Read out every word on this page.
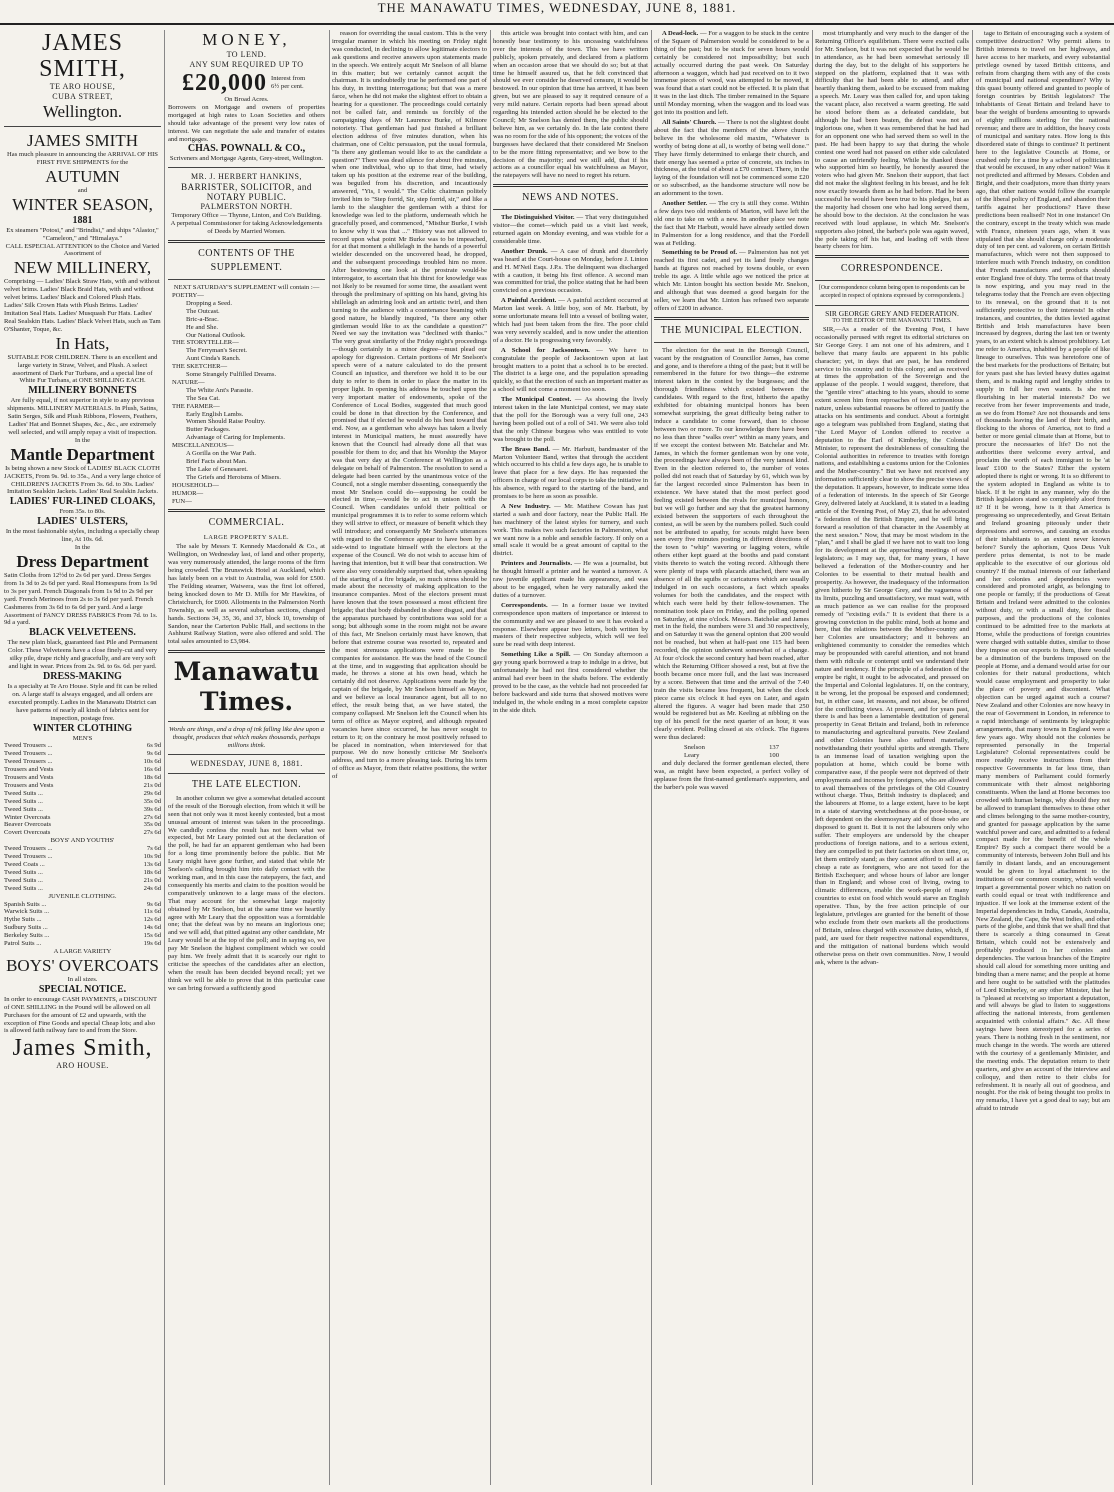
THE MANAWATU TIMES, WEDNESDAY, JUNE 8, 1881.
JAMES SMITH,
TE ARO HOUSE,
CUBA STREET,
Wellington.
JAMES SMITH
Has much pleasure in announcing the ARRIVAL OF HIS FIRST FIVE SHIPMENTS for the
AUTUMN
and
WINTER SEASON,
1881
Ex steamers "Potosi," and "Brindisi," and ships "Alastor," "Cameleon," and "Himalaya."
CALL ESPECIAL ATTENTION to the Choice and Varied Assortment of
NEW MILLINERY,
Comprising — Ladies' Black Straw Hats, with and without velvet brims. Ladies' Black Braid Hats, with and without velvet brims. Ladies' Black and Colored Plush Hats. Ladies' Silk Crown Hats with Plush Brims. Ladies' Imitation Seal Hats. Ladies' Musquash Fur Hats. Ladies' Real Sealskin Hats. Ladies' Black Velvet Hats, such as Tam O'Shanter, Toque, &c.
In Hats,
SUITABLE FOR CHILDREN. There is an excellent and large variety in Straw, Velvet, and Plush. A select assortment of Dark Fur Turbans, and a special line of White Fur Turbans, at ONE SHILLING EACH.
MILLINERY BONNETS
Are fully equal, if not superior in style to any previous shipments. MILLINERY MATERIALS. In Plush, Satins, Satin Serges, Silk and Plush Ribbons, Flowers, Feathers, Ladies' Hat and Bonnet Shapes, &c., &c., are extremely well selected, and will amply repay a visit of inspection.
In the
Mantle Department
Is being shown a new Stock of LADIES' BLACK CLOTH JACKETS, From 9s. 9d. to 35s., And a very large choice of CHILDREN'S JACKETS From 3s. 6d. to 30s. Ladies' Imitation Sealskin Jackets. Ladies' Real Sealskin Jackets.
LADIES' FUR-LINED CLOAKS,
From 35s. to 80s.
LADIES' ULSTERS,
In the most fashionable styles, including a specially cheap line, At 10s. 6d.
In the
Dress Department
Satin Cloths from 12½d to 2s 6d per yard. Dress Serges from 1s 3d to 2s 6d per yard. Real Homespuns from 1s 9d to 3s per yard. French Diagonals from 1s 9d to 2s 9d per yard. French Merinoes from 2s to 3s 6d per yard. French Cashmeres from 3s 6d to 6s 6d per yard. And a large Assortment of FANCY DRESS FABRICS From 7d. to 1s. 9d a yard.
BLACK VELVETEENS.
The new plain black, guaranteed fast Pile and Permanent Color. These Velveteens have a close finely-cut and very silky pile, drape richly and gracefully, and are very soft and light in wear. Prices from 2s. 9d. to 6s. 6d. per yard.
DRESS-MAKING
Is a specialty at Te Aro House. Style and fit can be relied on. A large staff is always engaged, and all orders are executed promptly. Ladies in the Manawatu District can have patterns of nearly all kinds of fabrics sent for inspection, postage free.
WINTER CLOTHING
MEN'S
Tweed Trousers ...	6s 9d
Tweed Trousers ...	9s 6d
Tweed Trousers ...	10s 6d
Trousers and Vests	16s 6d
Trousers and Vests	18s 6d
Trousers and Vests	21s 0d
Tweed Suits ...	29s 6d
Tweed Suits ...	35s 0d
Tweed Suits ...	39s 6d
Winter Overcoats	27s 6d
Beaver Overcoats	35s 0d
Covert Overcoats	27s 6d
BOYS' AND YOUTHS'
Tweed Trousers ...	7s 6d
Tweed Trousers ...	10s 9d
Tweed Coats ...	13s 6d
Tweed Suits ...	18s 6d
Tweed Suits ...	21s 0d
Tweed Suits ...	24s 6d
JUVENILE CLOTHING.
Spanish Suits ...	9s 6d
Warwick Suits ...	11s 6d
Hythe Suits ...	12s 6d
Sudbury Suits ...	14s 6d
Berkeley Suits ...	15s 6d
Patrol Suits ...	19s 6d
A LARGE VARIETY
BOYS' OVERCOATS
In all sizes.
SPECIAL NOTICE.
In order to encourage CASH PAYMENTS, a DISCOUNT of ONE SHILLING in the Pound will be allowed on all Purchases for the amount of £2 and upwards, with the exception of Fine Goods and special Cheap lots; and also is allowed faith railway fare to and from the Store.
James Smith,
ARO HOUSE.
MONEY,
TO LEND.
ANY SUM REQUIRED UP TO
£20,000 Interest from 6½ per cent.
On Broad Acres.
Borrowers on Mortgage and owners of properties mortgaged at high rates to Loan Societies and others should take advantage of the present very low rates of interest. We can negotiate the sale and transfer of estates and mortgages.
CHAS. POWNALL & CO.,
Scriveners and Mortgage Agents, Grey-street, Wellington.
MR. J. HERBERT HANKINS,
BARRISTER, SOLICITOR, and NOTARY PUBLIC.
PALMERSTON NORTH.
Temporary Office — Thynne, Linton, and Co's Building.
A perpetual Commissioner for taking Acknowledgements of Deeds by Married Women.
CONTENTS OF THE SUPPLEMENT.
NEXT SATURDAY'S SUPPLEMENT will contain :—
POETRY—
Dropping a Seed.
The Outcast.
Bric-a-Brac.
He and She.
Our National Outlook.
THE STORYTELLER—
The Ferryman's Secret.
Aunt Cinda's Ranch.
THE SKETCHER—
Some Strangely Fulfilled Dreams.
NATURE—
The White Ant's Parasite.
The Sea Cat.
THE FARMER—
Early English Lambs.
Women Should Raise Poultry.
Butter Packages.
Advantage of Caring for Implements.
MISCELLANEOUS—
A Gorilla on the War Path.
Brief Facts about Man.
The Lake of Genesaret.
The Griefs and Heroisms of Misers.
HOUSEHOLD—
HUMOR—
FUN—
COMMERCIAL.
LARGE PROPERTY SALE.
The sale by Messrs T. Kennedy Macdonald & Co., at Wellington, on Wednesday last, of land and other property, was very numerously attended, the large rooms of the firm being crowded. The Brunswick Hotel at Auckland, which has lately been on a visit to Australia, was sold for £500. The Feilding steamer, Waiwera, was the first lot offered, being knocked down to Mr D. Mills for Mr Hawkins, of Christchurch, for £600. Allotments in the Palmerston North Township, as well as several suburban sections, changed hands. Sections 34, 35, 36, and 37, block 10, township of Sandon, near the Carterton Public Hall, and sections in the Ashhurst Railway Station, were also offered and sold. The total sales amounted to £3,984.
Manawatu Times.
Words are things, and a drop of ink falling like dew upon a thought, produces that which makes thousands, perhaps millions think.
WEDNESDAY, JUNE 8, 1881.
THE LATE ELECTION.
In another column we give a somewhat detailed account of the result of the Borough election, from which it will be seen that not only was it most keenly contested, but a most unusual amount of interest was taken in the proceedings. We candidly confess the result has not been what we expected, but Mr Leary pointed out at the declaration of the poll, he had far an apparent gentleman who had been for a long time prominently before the public. But Mr Leary might have gone further, and stated that while Mr Snelson's calling brought him into daily contact with the working man, and in this case the ratepayers, the fact, and consequently his merits and claim to the position would be comparatively unknown to a large mass of the electors. That may account for the somewhat large majority obtained by Mr Snelson, but at the same time we heartily agree with Mr Leary that the opposition was a formidable one; that the defeat was by no means an inglorious one; and we will add, that pitted against any other candidate, Mr Leary would be at the top of the poll; and in saying so, we pay Mr Snelson the highest compliment which we could pay him. We freely admit that it is scarcely our right to criticise the speeches of the candidates after an election, when the result has been decided beyond recall; yet we think we will be able to prove that in this particular case we can bring forward a sufficiently good
reason for overriding the usual custom. This is the very irregular manner in which his meeting on Friday night was conducted, in declining to allow legitimate electors to ask questions and receive answers upon statements made in the speech. We entirely acquit Mr Snelson of all blame in this matter; but we certainly cannot acquit the chairman. It is undoubtedly true he performed one part of his duty, in inviting interrogations; but that was a mere farce, when he did not make the slightest effort to obtain a hearing for a questioner. The proceedings could certainly not be called fair, and reminds us forcibly of the campaigning days of Mr Laurence Burke, of Kilmore notoriety. That gentleman had just finished a brilliant election address of five minutes duration, when his chairman, one of Celtic persuasion, put the usual formula, "Is there any gintleman would like to ax the candidate a question?" There was dead silence for about five minutes, when one individual, who up to that time, had wisely taken up his position at the extreme rear of the building, was beguiled from his discretion, and incautiously answered, "Yis, I would." The Celtic chairman politely invited him to "Step forrid, Sir, step forrid, sir," and like a lamb to the slaughter the gentleman with a thirst for knowledge was led to the platform, underneath which he gracefully posed, and commenced, "Misthur Burke, I wish to know why it was that ..." History was not allowed to record upon what point Mr Burke was to be impeached, for at that moment a shillelagh in the hands of a powerful wielder descended on the uncovered head, he dropped, and the subsequent proceedings troubled him no more. After bestowing one look at the prostrate would-be interrogator, to ascertain that his thirst for knowledge was not likely to be resumed for some time, the assailant went through the preliminary of spitting on his hand, giving his shillelagh an admiring look and an artistic twirl, and then turning to the audience with a countenance beaming with good nature, he blandly inquired, "Is there any other gintleman would like to ax the candidate a question?" Need we say the invitation was "declined with thanks." The very great similarity of the Friday night's proceedings—though certainly in a minor degree—must plead our apology for digression. Certain portions of Mr Snelson's speech were of a nature calculated to do the present Council an injustice, and therefore we hold it to be our duty to refer to them in order to place the matter in its proper light. In opening his address he touched upon the very important matter of endowments, spoke of the Conference of Local Bodies, suggested that much good could be done in that direction by the Conference, and promised that if elected he would do his best toward that end. Now, as a gentleman who always has taken a lively interest in Municipal matters, he must assuredly have known that the Council had already done all that was possible for them to do; and that his Worship the Mayor was that very day at the Conference at Wellington as a delegate on behalf of Palmerston. The resolution to send a delegate had been carried by the unanimous voice of the Council, not a single member dissenting, consequently the most Mr Snelson could do—supposing he could be elected in time,—would be to act in unison with the Council. When candidates unfold their political or municipal programmes it is to refer to some reform which they will strive to effect, or measure of benefit which they will introduce; and consequently Mr Snelson's utterances with regard to the Conference appear to have been by a side-wind to ingratiate himself with the electors at the expense of the Council. We do not wish to accuse him of having that intention, but it will bear that construction. We were also very considerably surprised that, when speaking of the starting of a fire brigade, so much stress should be made about the necessity of making application to the insurance companies. Most of the electors present must have known that the town possessed a most efficient fire brigade; that that body disbanded in sheer disgust, and that the apparatus purchased by contributions was sold for a song; but although some in the room might not be aware of this fact, Mr Snelson certainly must have known, that before that extreme course was resorted to, repeated and the most strenuous applications were made to the companies for assistance. He was the head of the Council at the time, and in suggesting that application should be made, he throws a stone at his own head, which he certainly did not deserve. Applications were made by the captain of the brigade, by Mr Snelson himself as Mayor, and we believe as local insurance agent, but all to no effect, the result being that, as we have stated, the company collapsed. Mr Snelson left the Council when his term of office as Mayor expired, and although repeated vacancies have since occurred, he has never sought to return to it; on the contrary he most positively refused to be placed in nomination, when interviewed for that purpose. We do now honestly criticise Mr Snelson's address, and turn to a more pleasing task. During his term of office as Mayor, from their relative positions, the writer of
this article was brought into contact with him, and can honestly bear testimony to his unceasing watchfulness over the interests of the town. This we have written publicly, spoken privately, and declared from a platform when an occasion arose that we should do so; but at that time he himself assured us, that he felt convinced that should we ever consider he deserved censure, it would be bestowed. In our opinion that time has arrived, it has been given, but we are pleased to say it required censure of a very mild nature. Certain reports had been spread about regarding his intended action should he be elected to the Council; Mr Snelson has denied them, the public should believe him, as we certainly do. In the late contest there was no room for the side of his opponent; the voices of the burgesses have declared that their considered Mr Snelson to be the more fitting representative; and we bow to the decision of the majority; and we still add, that if his actions as a councillor equal his watchfulness as Mayor, the ratepayers will have no need to regret his return.
NEWS AND NOTES.
The Distinguished Visitor. — That very distinguished visitor—the comet—which paid us a visit last week, returned again on Monday evening, and was visible for a considerable time.
Another Drunk. — A case of drunk and disorderly was heard at the Court-house on Monday, before J. Linton and H. M'Neil Esqs. J.P.s. The delinquent was discharged with a caution, it being his first offence. A second man was committed for trial, the police stating that he had been convicted on a previous occasion.
A Painful Accident. — A painful accident occurred at Marton last week. A little boy, son of Mr. Harbutt, by some unfortunate means fell into a vessel of boiling water, which had just been taken from the fire. The poor child was very severely scalded, and is now under the attention of a doctor. He is progressing very favorably.
A School for Jacksontown. — We have to congratulate the people of Jacksontown upon at last brought matters to a point that a school is to be erected. The district is a large one, and the population spreading quickly, so that the erection of such an important matter as a school will not come a moment too soon.
The Municipal Contest. — As showing the lively interest taken in the late Municipal contest, we may state that the poll for the Borough was a very full one, 243 having been polled out of a roll of 341. We were also told that the only Chinese burgess who was entitled to vote was brought to the poll.
The Brass Band. — Mr. Harbutt, bandmaster of the Marton Volunteer Band, writes that through the accident which occurred to his child a few days ago, he is unable to leave that place for a few days. He has requested the officers in charge of our local corps to take the initiative in his absence, with regard to the starting of the band, and promises to be here as soon as possible.
A New Industry. — Mr. Matthew Cowan has just started a sash and door factory, near the Public Hall. He has machinery of the latest styles for turnery, and such work. This makes two such factories in Palmerston, what we want now is a noble and sensible factory. If only on a small scale it would be a great amount of capital to the district.
Printers and Journalists. — He was a journalist, but he thought himself a printer and he wanted a turnover. A raw juvenile applicant made his appearance, and was about to be engaged, when he very naturally asked the duties of a turnover.
Correspondents. — In a former issue we invited correspondence upon matters of importance or interest to the community and we are pleased to see it has evoked a response. Elsewhere appear two letters, both written by masters of their respective subjects, which will we feel sure be read with deep interest.
Something Like a Spill. — On Sunday afternoon a gay young spark borrowed a trap to indulge in a drive, but unfortunately he had not first considered whether the animal had ever been in the shafts before. The evidently proved to be the case, as the vehicle had not proceeded far before backward and side turns that showed motives were indulged in, the whole ending in a most complete capsize in the side ditch.
A Dead-lock. — For a waggon to be stuck in the centre of the Square of Palmerston would be considered to be a thing of the past; but to be stuck for seven hours would certainly be considered not impossibility; but such actually occurred during the past week. On Saturday afternoon a waggon, which had just received on to it two immense pieces of wood, was attempted to be moved, it was found that a start could not be effected. It is plain that it was in the last ditch. The timber remained in the Square until Monday morning, when the waggon and its load was got into its position and left.
All Saints' Church. — There is not the slightest doubt about the fact that the members of the above church believe in the wholesome old maxim, "Whatever is worthy of being done at all, is worthy of being well done." They have firmly determined to enlarge their church, and their energy has seemed a prize of concrete, six inches in thickness, at the total of about a £70 contract. There, in the laying of the foundation will not be commenced some £20 or so subscribed, as the handsome structure will now be an adornment to the town.
Another Settler. — The cry is still they come. Within a few days two old residents of Marton, will have left the old one to take on with a new. In another place we note the fact that Mr Harbutt, would have already settled down in Palmerston for a long residence, and that the Fordell was at Feilding.
Something to be Proud of. — Palmerston has not yet reached its first cadet, and yet its land freely changes hands at figures not reached by towns double, or even treble its age. A little while ago we noticed the price at which Mr. Linton bought his section beside Mr. Snelson, and although that was deemed a good bargain for the seller, we learn that Mr. Linton has refused two separate offers of £200 in advance.
THE MUNICIPAL ELECTION.
The election for the seat in the Borough Council, vacant by the resignation of Councillor James, has come and gone, and is therefore a thing of the past; but it will be remembered in the future for two things—the extreme interest taken in the contest by the burgesses; and the thorough friendliness which existed between the candidates. With regard to the first, hitherto the apathy exhibited for obtaining municipal honors has been somewhat surprising, the great difficulty being rather to induce a candidate to come forward, than to choose between two or more. To our knowledge there have been no less than three "walks over" within as many years, and if we except the contest between Mr. Batchelar and Mr. James, in which the former gentleman won by one vote, the proceedings have always been of the very tamest kind. Even in the election referred to, the number of votes polled did not reach that of Saturday by 61, which was by far the largest recorded since Palmerston has been in existence. We have stated that the most perfect good feeling existed between the rivals for municipal honors, but we will go further and say that the greatest harmony existed between the supporters of each throughout the contest, as will be seen by the numbers polled. Such could not be attributed to apathy, for scouts might have been seen every five minutes posting in different directions of the town to "whip" wavering or lagging voters, while others either kept guard at the booths and paid constant visits thereto to watch the voting record. Although there were plenty of traps with placards attached, there was an absence of all the squibs or caricatures which are usually indulged in on such occasions, a fact which speaks volumes for both the candidates, and the respect with which each were held by their fellow-townsmen. The nomination took place on Friday, and the polling opened on Saturday, at nine o'clock. Messrs. Batchelar and James met in the field, the numbers were 31 and 30 respectively, and on Saturday it was the general opinion that 200 would not be reached, but when at half-past one 115 had been recorded, the opinion underwent somewhat of a change. At four o'clock the second century had been reached, after which the Returning Officer showed a rest, but at five the booth became once more full, and the last was increased by a score. Between that time and the arrival of the 7.40 train the visits became less frequent, but when the clock piece came six o'clock it had eyes on Later, and again altered the figures. A wager had been made that 250 would be registered but as Mr. Keeling at nibbling on the top of his pencil for the next quarter of an hour, it was clearly evident. Polling closed at six o'clock. The figures were thus declared:
Snelson	137
Leary	100
and duly declared the former gentleman elected, there was, as might have been expected, a perfect volley of applause from the first-named gentleman's supporters, and the barber's pole was waved
most triumphantly and very much to the danger of the Returning Officer's equilibrium. There were excited calls for Mr. Snelson, but it was not expected that he would be in attendance, as he had been somewhat seriously ill during the day, but to the delight of his supporters he stepped on the platform, explained that it was with difficulty that he had been able to attend, and after heartily thanking them, asked to be excused from making a speech. Mr. Leary was then called for, and upon taking the vacant place, also received a warm greeting. He said he stood before them as a defeated candidate, but although he had been beaten, the defeat was not an inglorious one, when it was remembered that he had had for an opponent one who had served them so well in the past. He had been happy to say that during the whole contest one word had not passed on either side calculated to cause an unfriendly feeling. While he thanked those who supported him so heartily, he honestly assured the voters who had given Mr. Snelson their support, that fact did not make the slightest feeling in his breast, and he felt now exactly towards them as he had before. Had he been successful he would have been true to his pledges, but as the majority had chosen one who had long served them, he should bow to the decision. At the conclusion he was received with loud applause, in which Mr. Snelson's supporters also joined, the barber's pole was again waved, the pole taking off his hat, and leading off with three hearty cheers for him.
CORRESPONDENCE.
[Our correspondence column being open to respondents can be accepted in respect of opinions expressed by correspondents.]
SIR GEORGE GREY AND FEDERATION.
TO THE EDITOR OF THE MANAWATU TIMES.
SIR,—As a reader of the Evening Post, I have occasionally perused with regret its editorial strictures on Sir George Grey. I am not one of his admirers, and I believe that many faults are apparent in his public character; yet, in days that are past, he has rendered service to his country and to this colony; and as received at times the approbation of the Sovereign and the applause of the people. I would suggest, therefore, that the "gentile vires" attaching to his years, should to some extent screen him from reproaches of too acrimonious a nature, unless substantial reasons be offered to justify the attacks on his sentiments and conduct. About a fortnight ago a telegram was published from England, stating that "the Lord Mayor of London offered to receive a deputation to the Earl of Kimberley, the Colonial Minister, to represent the desirableness of consulting the Colonial authorities in reference to treaties with foreign nations, and establishing a customs union for the Colonies and the Mother-country." But we have not received any information sufficiently clear to show the precise views of the deputation. It appears, however, to indicate some idea of a federation of interests. In the speech of Sir George Grey, delivered lately at Auckland, it is stated in a leading article of the Evening Post, of May 23, that he advocated "a federation of the British Empire, and he will bring forward a resolution of that character in the Assembly at the next session." Now, that may be most wisdom in the "plan," and I shall be glad if we have not to wait too long for its development at the approaching meetings of our legislators; as I may say, that, for many years, I have believed a federation of the Mother-country and her Colonies to be essential to their mutual health and prosperity. As however, the inadequacy of the information given hitherto by Sir George Grey, and the vagueness of its limits, puzzling and unsatisfactory, we must wait, with as much patience as we can realise for the proposed remedy of "existing evils." It is evident that there is a growing conviction in the public mind, both at home and here, that the relations between the Mother-country and her Colonies are unsatisfactory; and it behoves an enlightened community to consider the remedies which may be propounded with careful attention, and not brand them with ridicule or contempt until we understand their nature and tendency. If the principle of a federation of the empire be right, it ought to be advocated, and pressed on the Imperial and Colonial legislatures. If, on the contrary, it be wrong, let the proposal be exposed and condemned; but, in either case, let reasons, and not abuse, be offered for the conflicting views. At present, and for years past, there is and has been a lamentable destitution of general prosperity in Great Britain and Ireland, both in reference to manufacturing and agricultural pursuits. New Zealand and other Colonies have also suffered materially, notwithstanding their youthful spirits and strength. There is an immense load of taxation weighing upon the population at home, which could be borne with comparative ease, if the people were not deprived of their employments and incomes by foreigners, who are allowed to avail themselves of the privileges of the Old Country without charge. Thus, British industry is displaced; and the labourers at Home, to a large extent, have to be kept in a state of starving wretchedness at the poor-house, or left dependent on the eleemosynary aid of those who are disposed to grant it. But it is not the labourers only who suffer. Their employers are undersold by the cheaper productions of foreign nations, and to a serious extent, they are compelled to put their factories on short time, or, let them entirely stand; as they cannot afford to sell at as cheap a rate as foreigners, who are not taxed for the British Exchequer; and whose hours of labor are longer than in England; and whose cost of living, owing to climatic differences, enable the work-people of many countries to exist on food which would starve an English operative. Thus, by the free action principle of our legislature, privileges are granted for the benefit of those who exclude from their own markets all the productions of Britain, unless charged with excessive duties, which, if paid, are used for their respective national expenditures, and the mitigation of national burdens which would otherwise press on their own communities. Now, I would ask, where is the advan-
tage to Britain of encouraging such a system of competitive destruction? Why permit aliens to British interests to travel on her highways, and have access to her markets, and every substantial privilege owned by taxed British citizens, and refrain from charging them with any of the costs of municipal and national expenditure? Why is this quasi bounty offered and granted to people of foreign countries by British legislators? The inhabitants of Great Britain and Ireland have to bear the weight of burdens amounting to upwards of eighty millions sterling for the national revenue; and there are in addition, the heavy costs of municipal and sanitary rates. How long is this disordered state of things to continue? It pertinent here to the legislative Councils at Home, or crushed only for a time by a school of politicians that would be excused, in any other nation? Was it not predicted and affirmed by Messrs. Cobden and Bright, and their coadjutors, more than thirty years ago, that other nations would follow the example of the liberal policy of England, and abandon their tariffs against her productions? Have these predictions been realised? Not in one instance! On the contrary, except in the treaty which was made with France, nineteen years ago, when it was stipulated that she should charge only a moderate duty of ten per cent. ad valorem, on certain British manufactures, which were not then supposed to interfere much with French industry, on condition that French manufactures and products should enter England free of duty. The terms of that treaty is now expiring, and you may read in the telegrams today that the French are even objecting to its renewal, on the ground that it is not sufficiently protective to their interests! In other instances, and countries, the duties levied against British and Irish manufactures have been increased by degrees, during the last ten or twenty years, to an extent which is almost prohibitory. Let me refer to America, inhabited by a people of like lineage to ourselves. This was heretofore one of the best markets for the productions of Britain; but for years past she has levied heavy duties against them, and is making rapid and lengthy strides to supply in full her own wants. Is she not flourishing in her material interests? Do we receive from her fewer improvements and trade, as we do from Home? Are not thousands and tens of thousands leaving the land of their birth, and flocking to the shores of America, not to find a better or more genial climate than at Home, but to procure the necessaries of life? Do not the authorities there welcome every arrival, and proclaim the worth of each immigrant to be 'at least' £100 to the States? Either the system adopted there is right or wrong. It is so different to the system adopted in England as white is to black. If it be right in any manner, why do the British legislators stand so completely aloof from it? If it be wrong, how is it that America is progressing so unprecedentedly, and Great Britain and Ireland groaning piteously under their depressions and sorrows, and causing an exodus of their inhabitants to an extent never known before? Surely the aphorism, Quos Deus Vult perdere prius dementat, is not to be made applicable to the executive of our glorious old country? If the mutual interests of our fatherland and her colonies and dependencies were considered and promoted aright, as belonging to one people or family; if the productions of Great Britain and Ireland were admitted to the colonies without duty, or with a small duty, for fiscal purposes, and the productions of the colonies continued to be admitted free to the markets at Home, while the productions of foreign countries were charged with suitable duties, similar to those they impose on our exports to them, there would be a diminution of the burdens imposed on the people at Home, and a demand would arise for our colonies for their natural productions, which would cause employment and prosperity to take the place of poverty and discontent. What objection can be urged against such a course? New Zealand and other Colonies are now heavy in the rear of Government in London, in reference to a rapid interchange of sentiments by telegraphic arrangements, that many towns in England were a few years ago. Why should not the colonies be represented personally in the Imperial Legislature? Colonial representatives could be more readily receive instructions from their respective Governments in far less time, than many members of Parliament could formerly communicate with their almost neighboring constituents. When the land at Home becomes too crowded with human beings, why should they not be allowed to transplant themselves to these other and climes belonging to the same mother-country, and granted for passage application by the same watchful power and care, and admitted to a federal compact made for the benefit of the whole Empire? By such a compact there would be a community of interests, between John Bull and his family in distant lands, and an encouragement would be given to loyal attachment to the institutions of our common country, which would impart a governmental power which no nation on earth could equal or treat with indifference and injustice. If we look at the immense extent of the Imperial dependencies in India, Canada, Australia, New Zealand, the Cape, the West Indies, and other parts of the globe, and think that we shall find that there is scarcely a thing consumed in Great Britain, which could not be extensively and profitably produced in her colonies and dependencies. The various branches of the Empire should call aloud for something more uniting and binding than a mere name; and the people at home and here ought to be satisfied with the platitudes of Lord Kimberley, or any other Minister, that he is "pleased at receiving so important a deputation, and will always be glad to listen to suggestions affecting the national interests, from gentlemen acquainted with colonial affairs." &c. All these sayings have been stereotyped for a series of years. There is nothing fresh in the sentiment, nor much change in the words. The words are uttered with the courtesy of a gentlemanly Minister, and the meeting ends. The deputation return to their quarters, and give an account of the interview and colloquy, and then retire to their clubs for refreshment. It is nearly all out of goodness, and nought. For the risk of being thought too prolix in my remarks, I have yet a good deal to say; but am afraid to intrude
